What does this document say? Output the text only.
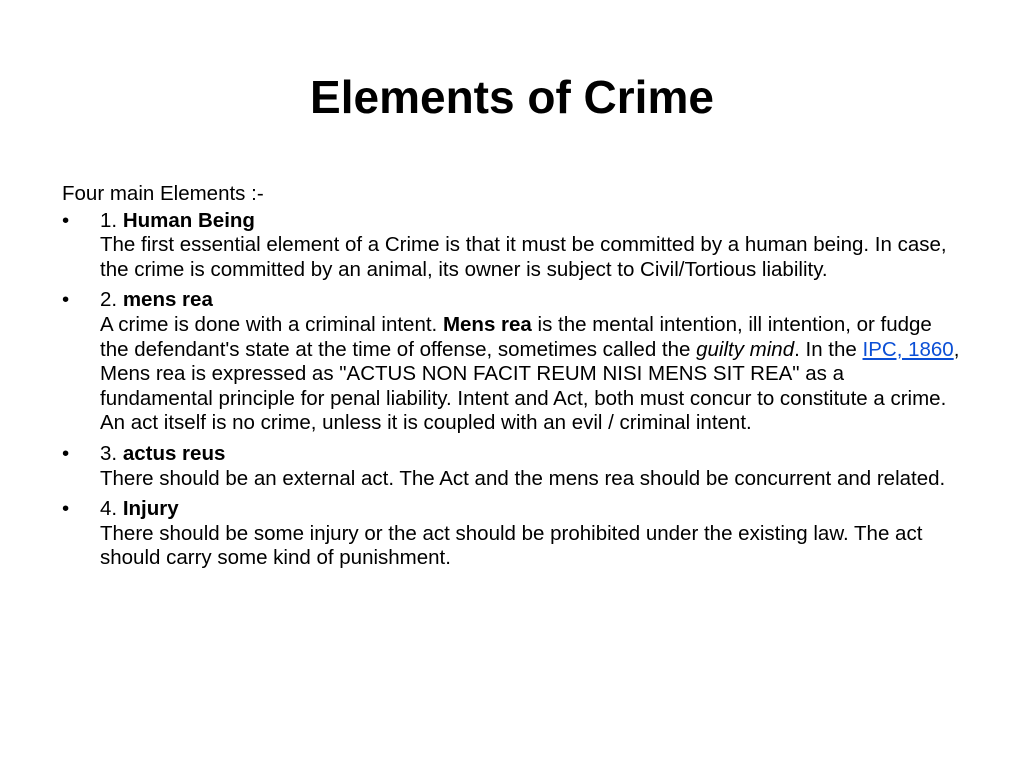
Elements of Crime
Four main Elements :-
•	1. Human Being
The first essential element of a Crime is that it must be committed by a human being. In case, the crime is committed by an animal, its owner is subject to Civil/Tortious liability.
•	2. mens rea
A crime is done with a criminal intent. Mens rea is the mental intention, ill intention, or fudge the defendant's state at the time of offense, sometimes called the guilty mind. In the IPC, 1860, Mens rea is expressed as "ACTUS NON FACIT REUM NISI MENS SIT REA" as a fundamental principle for penal liability. Intent and Act, both must concur to constitute a crime. An act itself is no crime, unless it is coupled with an evil / criminal intent.
•	3. actus reus
There should be an external act. The Act and the mens rea should be concurrent and related.
•	4. Injury
There should be some injury or the act should be prohibited under the existing law. The act should carry some kind of punishment.
